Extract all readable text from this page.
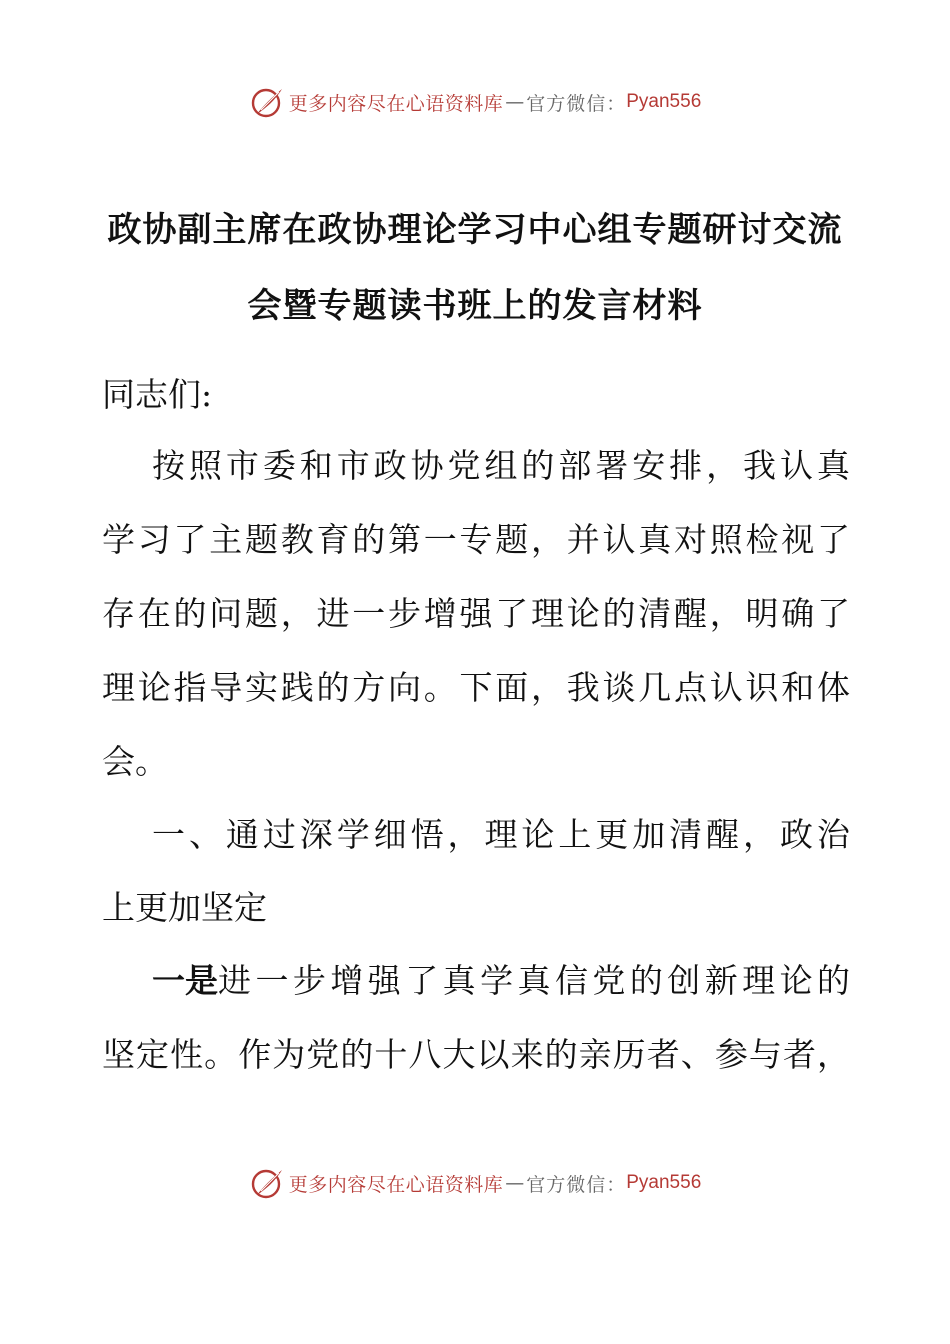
更多内容尽在心语资料库 — 官方微信： Pyan556
政协副主席在政协理论学习中心组专题研讨交流
会暨专题读书班上的发言材料
同志们:
按 照 市 委 和 市 政 协 党 组 的 部 署 安 排 ， 我 认 真
学 习 了 主 题 教 育 的 第 一 专 题 ， 并 认 真 对 照 检 视 了
存 在 的 问 题 ， 进 一 步 增 强 了 理 论 的 清 醒 ， 明 确 了
理 论 指 导 实 践 的 方 向 。 下 面 ， 我 谈 几 点 认 识 和 体
会。
一 、 通 过 深 学 细 悟 ， 理 论 上 更 加 清 醒 ， 政 治
上更加坚定
一是 进 一 步 增 强 了 真 学 真 信 党 的 创 新 理 论 的
坚 定 性 。 作 为 党 的 十 八 大 以 来 的 亲 历 者 、 参 与 者 ，
更多内容尽在心语资料库 — 官方微信： Pyan556
